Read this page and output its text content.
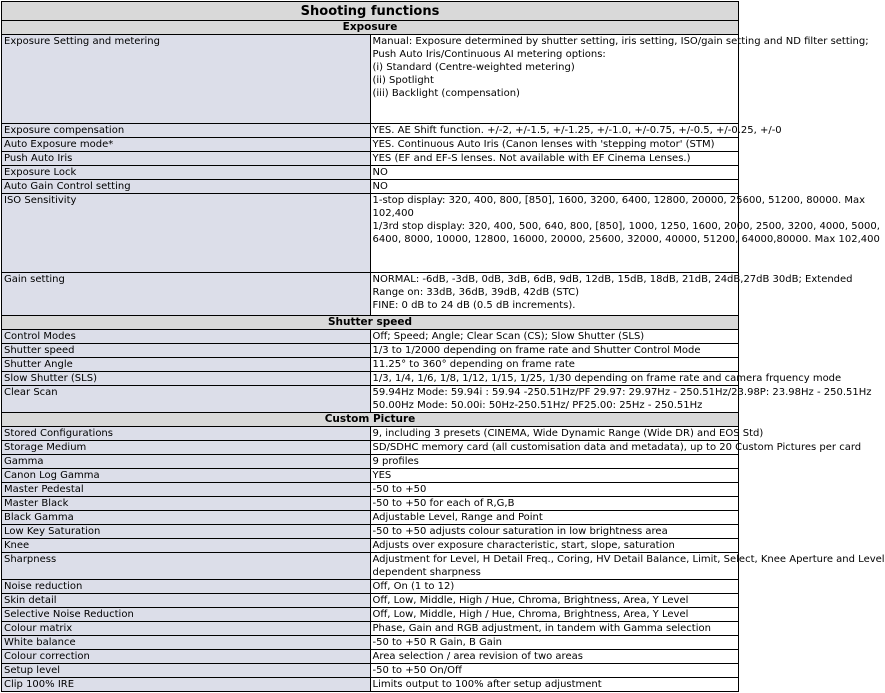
Shooting functions	
Exposure	
Exposure Setting and metering	Manual: Exposure determined by shutter setting, iris setting, ISO/gain setting and ND filter setting;
Push Auto Iris/Continuous AI metering options:
(i) Standard (Centre-weighted metering)
(ii) Spotlight
(iii) Backlight (compensation)

Exposure compensation	YES. AE Shift function. +/-2, +/-1.5, +/-1.25, +/-1.0, +/-0.75, +/-0.5, +/-0.25, +/-0

Auto Exposure mode*	YES. Continuous Auto Iris (Canon lenses with 'stepping motor' (STM)

Push Auto Iris	YES (EF and EF-S lenses. Not available with EF Cinema Lenses.)

Exposure Lock	NO

Auto Gain Control setting	NO

ISO Sensitivity	1-stop display: 320, 400, 800, [850], 1600, 3200, 6400, 12800, 20000, 25600, 51200, 80000. Max
102,400
1/3rd stop display: 320, 400, 500, 640, 800, [850], 1000, 1250, 1600, 2000, 2500, 3200, 4000, 5000,
6400, 8000, 10000, 12800, 16000, 20000, 25600, 32000, 40000, 51200, 64000,80000. Max 102,400

Gain setting	NORMAL: -6dB, -3dB, 0dB, 3dB, 6dB, 9dB, 12dB, 15dB, 18dB, 21dB, 24dB,27dB 30dB; Extended
Range on: 33dB, 36dB, 39dB, 42dB (STC)
FINE: 0 dB to 24 dB (0.5 dB increments).

Shutter speed	
Control Modes	Off; Speed; Angle; Clear Scan (CS); Slow Shutter (SLS)

Shutter speed	1/3 to 1/2000 depending on frame rate and Shutter Control Mode

Shutter Angle	11.25° to 360° depending on frame rate

Slow Shutter (SLS)	1/3, 1/4, 1/6, 1/8, 1/12, 1/15, 1/25, 1/30 depending on frame rate and camera frquency mode

Clear Scan	59.94Hz Mode: 59.94i : 59.94 -250.51Hz/PF 29.97: 29.97Hz - 250.51Hz/23.98P: 23.98Hz - 250.51Hz
50.00Hz Mode: 50.00i: 50Hz-250.51Hz/ PF25.00: 25Hz - 250.51Hz

Custom Picture	
Stored Configurations	9, including 3 presets (CINEMA, Wide Dynamic Range (Wide DR) and EOS Std)

Storage Medium	SD/SDHC memory card (all customisation data and metadata), up to 20 Custom Pictures per card

Gamma	9 profiles

Canon Log Gamma	YES

Master Pedestal	-50 to +50

Master Black	-50 to +50 for each of R,G,B

Black Gamma	Adjustable Level, Range and Point

Low Key Saturation	-50 to +50 adjusts colour saturation in low brightness area

Knee	Adjusts over exposure characteristic, start, slope, saturation

Sharpness	Adjustment for Level, H Detail Freq., Coring, HV Detail Balance, Limit, Select, Knee Aperture and Level
dependent sharpness

Noise reduction	Off, On (1 to 12)

Skin detail	Off, Low, Middle, High / Hue, Chroma, Brightness, Area, Y Level

Selective Noise Reduction	Off, Low, Middle, High / Hue, Chroma, Brightness, Area, Y Level

Colour matrix	Phase, Gain and RGB adjustment, in tandem with Gamma selection

White balance	-50 to +50 R Gain, B Gain

Colour correction	Area selection / area revision of two areas

Setup level	-50 to +50 On/Off

Clip 100% IRE	Limits output to 100% after setup adjustment
